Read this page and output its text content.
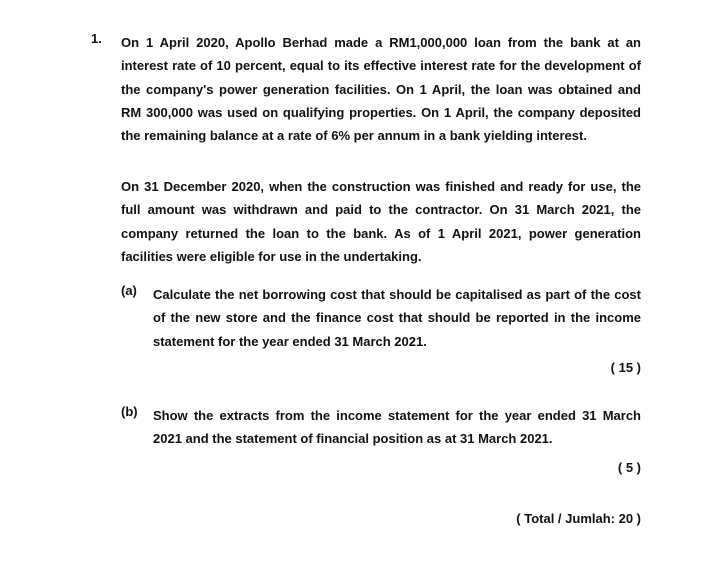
1. On 1 April 2020, Apollo Berhad made a RM1,000,000 loan from the bank at an interest rate of 10 percent, equal to its effective interest rate for the development of the company's power generation facilities. On 1 April, the loan was obtained and RM 300,000 was used on qualifying properties. On 1 April, the company deposited the remaining balance at a rate of 6% per annum in a bank yielding interest.

On 31 December 2020, when the construction was finished and ready for use, the full amount was withdrawn and paid to the contractor. On 31 March 2021, the company returned the loan to the bank. As of 1 April 2021, power generation facilities were eligible for use in the undertaking.

(a) Calculate the net borrowing cost that should be capitalised as part of the cost of the new store and the finance cost that should be reported in the income statement for the year ended 31 March 2021.

( 15 )
(b) Show the extracts from the income statement for the year ended 31 March 2021 and the statement of financial position as at 31 March 2021.

( 5 )
( Total / Jumlah: 20 )
